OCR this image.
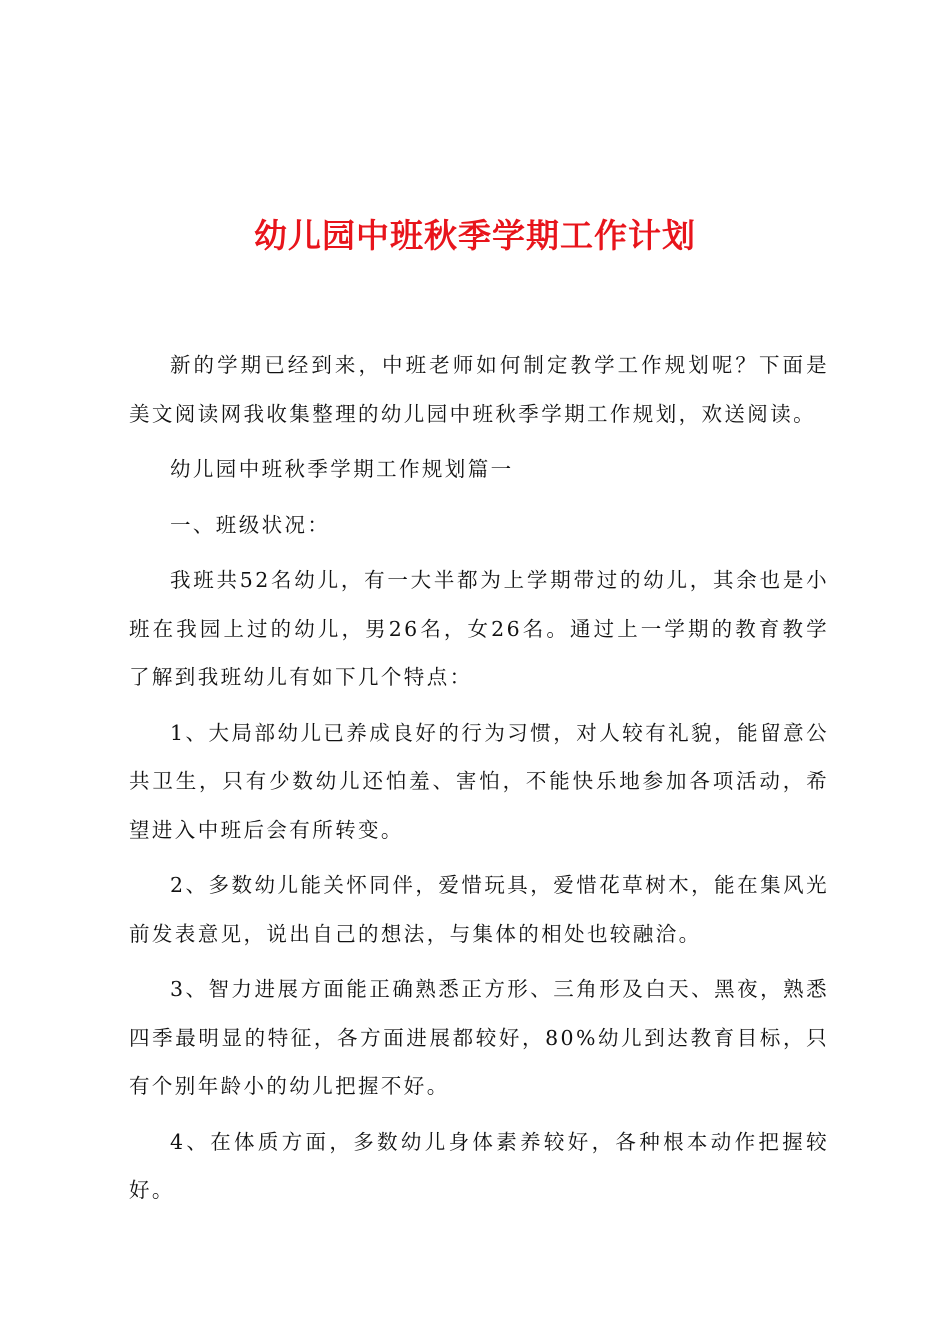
幼儿园中班秋季学期工作计划

新的学期已经到来，中班老师如何制定教学工作规划呢？下面是美文阅读网我收集整理的幼儿园中班秋季学期工作规划，欢送阅读。

幼儿园中班秋季学期工作规划篇一

一、班级状况：

我班共52名幼儿，有一大半都为上学期带过的幼儿，其余也是小班在我园上过的幼儿，男26名，女26名。通过上一学期的教育教学了解到我班幼儿有如下几个特点：

1、大局部幼儿已养成良好的行为习惯，对人较有礼貌，能留意公共卫生，只有少数幼儿还怕羞、害怕，不能快乐地参加各项活动，希望进入中班后会有所转变。

2、多数幼儿能关怀同伴，爱惜玩具，爱惜花草树木，能在集风光前发表意见，说出自己的想法，与集体的相处也较融洽。

3、智力进展方面能正确熟悉正方形、三角形及白天、黑夜，熟悉四季最明显的特征，各方面进展都较好，80%幼儿到达教育目标，只有个别年龄小的幼儿把握不好。

4、在体质方面，多数幼儿身体素养较好，各种根本动作把握较好。
